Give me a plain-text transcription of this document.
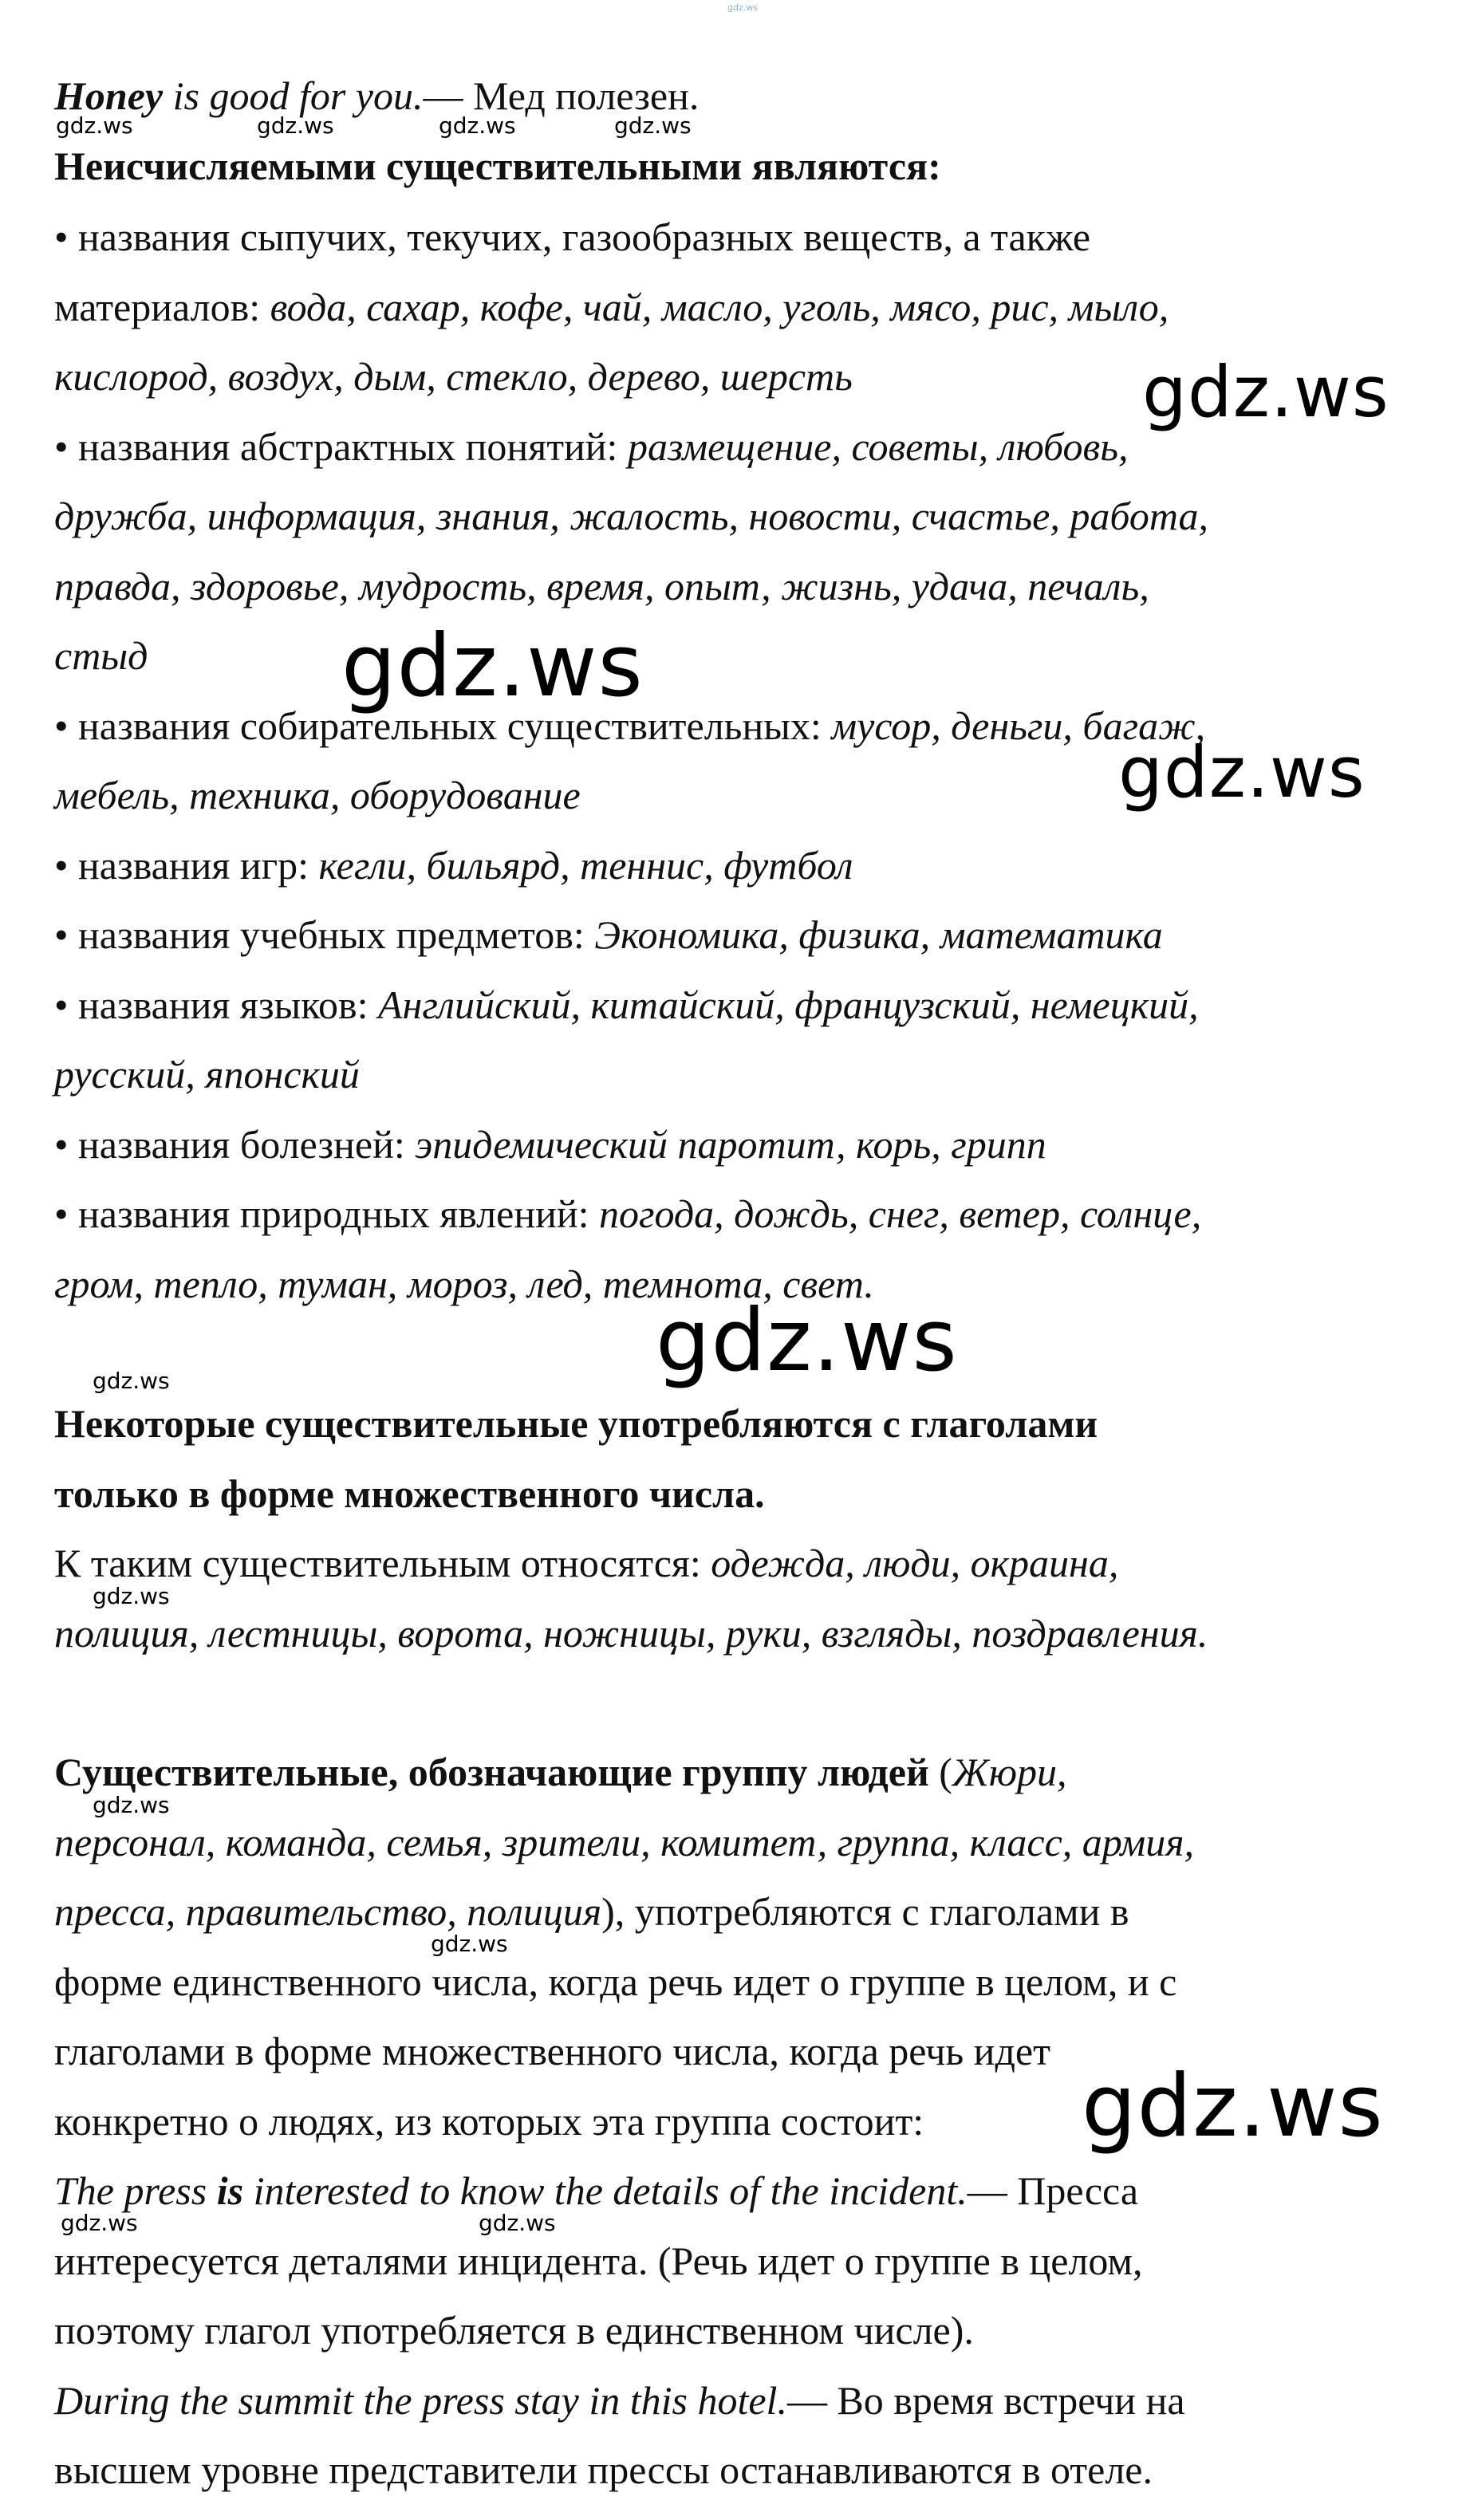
gdz.ws
Honey is good for you.— Мед полезен.
gdz.ws	gdz.ws	gdz.ws	gdz.ws
Неисчисляемыми существительными являются:
• названия сыпучих, текучих, газообразных веществ, а также
материалов: вода, сахар, кофе, чай, масло, уголь, мясо, рис, мыло,
кислород, воздух, дым, стекло, дерево, шерсть	gdz.ws
• названия абстрактных понятий: размещение, советы, любовь,
дружба, информация, знания, жалость, новости, счастье, работа,
правда, здоровье, мудрость, время, опыт, жизнь, удача, печаль,
стыд gdz.ws
• названия собирательных существительных: мусор, деньги, багаж,
gdz.ws
мебель, техника, оборудование
• названия игр: кегли, бильярд, теннис, футбол
• названия учебных предметов: Экономика, физика, математика
• названия языков: Английский, китайский, французский, немецкий,
русский, японский
• названия болезней: эпидемический паротит, корь, грипп
• названия природных явлений: погода, дождь, снег, ветер, солнце,
гром, тепло, туман, мороз, лед, темнота, свет.
gdz.ws
gdz.ws
Некоторые существительные употребляются с глаголами
только в форме множественного числа.
К таким существительным относятся: одежда, люди, окраина,
gdz.ws
полиция, лестницы, ворота, ножницы, руки, взгляды, поздравления.
Существительные, обозначающие группу людей (Жюри,
gdz.ws
персонал, команда, семья, зрители, комитет, группа, класс, армия,
пресса, правительство, полиция), употребляются с глаголами в
gdz.ws
форме единственного числа, когда речь идет о группе в целом, и с
глаголами в форме множественного числа, когда речь идет
конкретно о людях, из которых эта группа состоит: gdz.ws
The press is interested to know the details of the incident.— Пресса
gdz.ws	gdz.ws
интересуется деталями инцидента. (Речь идет о группе в целом,
поэтому глагол употребляется в единственном числе).
During the summit the press stay in this hotel.— Во время встречи на
высшем уровне представители прессы останавливаются в отеле.
